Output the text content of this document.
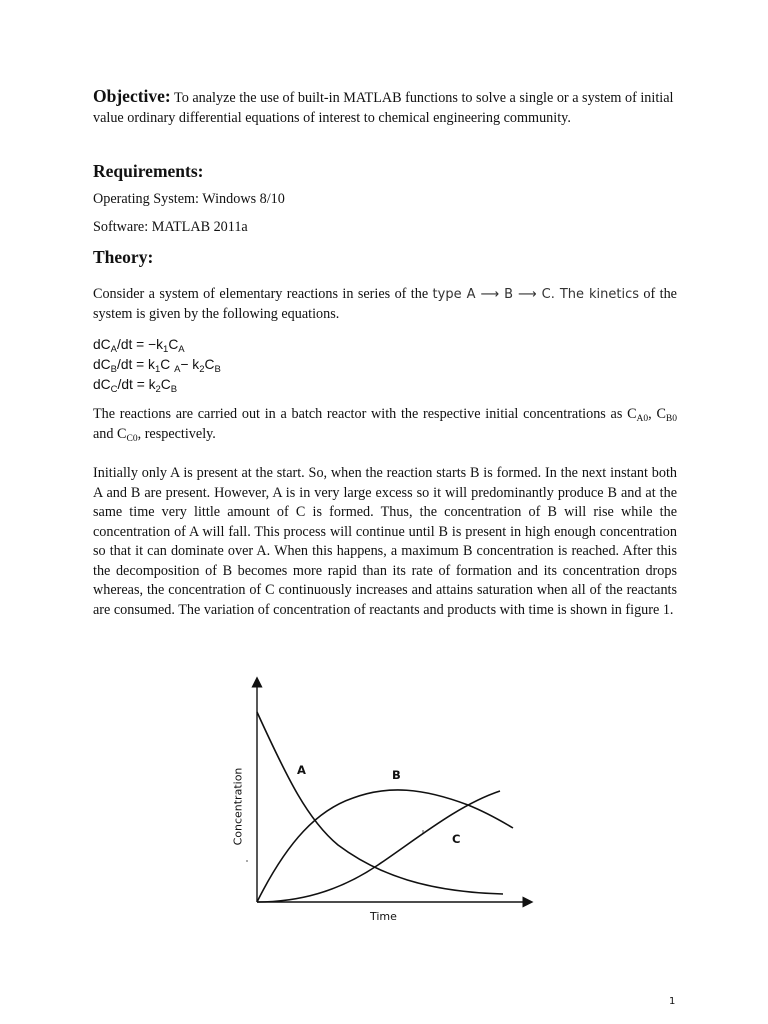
Objective: To analyze the use of built-in MATLAB functions to solve a single or a system of initial value ordinary differential equations of interest to chemical engineering community.

Requirements:
Operating System: Windows 8/10
Software: MATLAB 2011a
Theory:
Consider a system of elementary reactions in series of the type A ⟶ B ⟶ C. The kinetics of the system is given by the following equations.
$dC_A/dt = -k_1C_A$
$dC_B/dt = k_1C$ $_A- k_2C_B$
$dC_C/dt = k_2C_B$
The reactions are carried out in a batch reactor with the respective initial concentrations as $C_{A0}$, $C_{B0}$ and $C_{C0}$, respectively.
Initially only A is present at the start. So, when the reaction starts B is formed. In the next instant both A and B are present. However, A is in very large excess so it will predominantly produce B and at the same time very little amount of C is formed. Thus, the concentration of B will rise while the concentration of A will fall. This process will continue until B is present in high enough concentration so that it can dominate over A. When this happens, a maximum B concentration is reached. After this the decomposition of B becomes more rapid than its rate of formation and its concentration drops whereas, the concentration of C continuously increases and attains saturation when all of the reactants are consumed. The variation of concentration of reactants and products with time is shown in figure 1.
A	B
C
Time
Concentration
1
